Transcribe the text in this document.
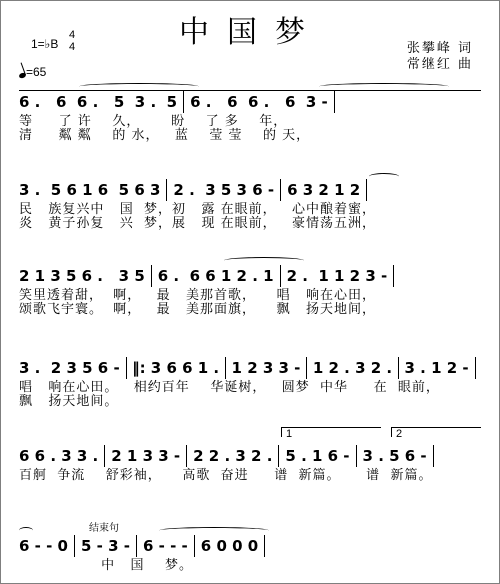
中国梦
1=♭B
4
4
=65
张攀峰 词
常继红 曲
6 .   6  6 .   5  3 .  5 6 .   6  6 .   6  3 -
等     了 许    久，      盼    了 多    年，
清     粼 粼    的 水，   蓝    莹 莹    的 天，
3 .  5 6 1 6  5 6 3 2 .  3 5 3 6 - 6 3 2 1 2
民   族复兴中   国  梦，初   露 在眼前，   心中酿着蜜，
炎   黄子孙复   兴  梦，展   现 在眼前，   豪情荡五洲，
2 1 3 5 6 .   3 5 6 .  6 6 1 2 . 1 2 .  1 1 2 3 -
笑里透着甜，  啊，   最   美那首歌，    唱   响在心田，
颂歌飞宇寰。  啊，   最   美那面旗，    飘   扬天地间，
3 .  2 3 5 6 - ‖: 3 6 6 1 . 1 2 3 3 - 1 2 . 3 2 . 3 . 1 2 -
唱   响在心田。   相约百年    华诞树，   圆梦  中华     在  眼前，
飘   扬天地间。
1	2
6 6 . 3 3 . 2 1 3 3 - 2 2 . 3 2 . 5 . 1 6 - 3 . 5 6 -
百舸  争流    舒彩袖，    高歌  奋进     谱  新篇。     谱  新篇。
结束句
6 - - 0 5 - 3 - 6 - - - 6 0 0 0
中   国    梦。
